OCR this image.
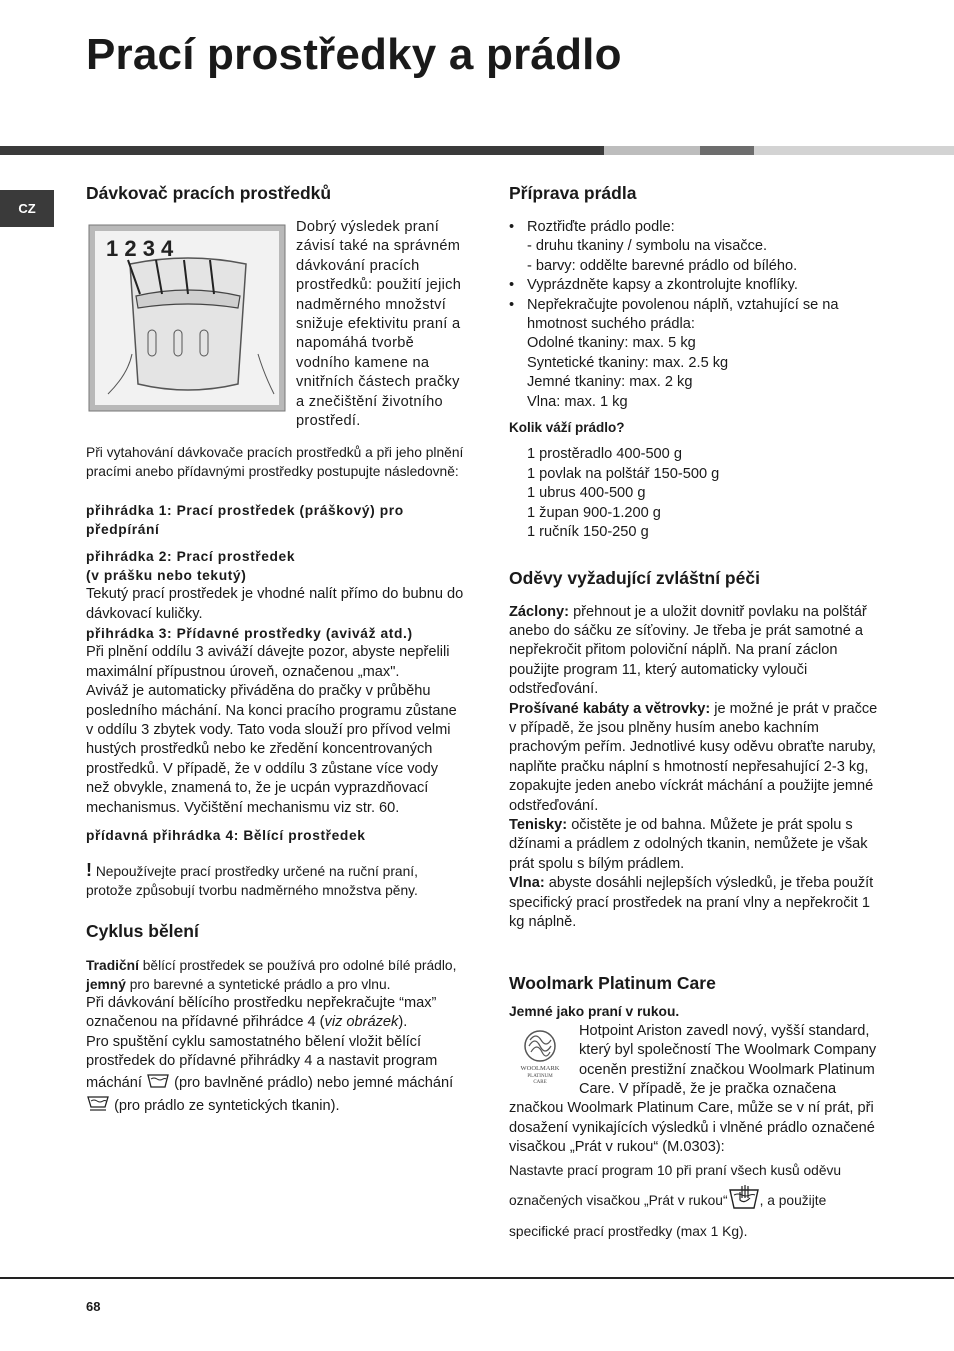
Prací prostředky a prádlo
CZ
Dávkovač pracích prostředků
1 2 3 4

Dobrý výsledek praní závisí také na správném dávkování pracích prostředků: použití jejich nadměrného množství snižuje efektivitu praní a napomáhá tvorbě vodního kamene na vnitřních částech pračky a znečištění životního prostředí.

Při vytahování dávkovače pracích prostředků a při jeho plnění pracími anebo přídavnými prostředky postupujte následovně:

přihrádka 1: Prací prostředek (práškový) pro předpírání

přihrádka 2: Prací prostředek

(v prášku nebo tekutý)

Tekutý prací prostředek je vhodné nalít přímo do bubnu do dávkovací kuličky.

přihrádka 3: Přídavné prostředky (aviváž atd.)

Při plnění oddílu 3 aviváží dávejte pozor, abyste nepřelili maximální přípustnou úroveň, označenou „max".

Aviváž je automaticky přiváděna do pračky v průběhu posledního máchání. Na konci pracího programu zůstane v oddílu 3 zbytek vody. Tato voda slouží pro přívod velmi hustých prostředků nebo ke zředění koncentrovaných prostředků. V případě, že v oddílu 3 zůstane více vody než obvykle, znamená to, že je ucpán vyprazdňovací mechanismus. Vyčištění mechanismu viz str. 60.

přídavná přihrádka 4: Bělící prostředek

! Nepoužívejte prací prostředky určené na ruční praní, protože způsobují tvorbu nadměrného množstva pěny.

Cyklus bělení

Tradiční bělící prostředek se používá pro odolné bílé prádlo, jemný pro barevné a syntetické prádlo a pro vlnu.

Při dávkování bělícího prostředku nepřekračujte “max” označenou na přídavné přihrádce 4 (viz obrázek).

Pro spuštění cyklu samostatného bělení vložit bělící prostředek do přídavné přihrádky 4 a nastavit program máchání (pro bavlněné prádlo) nebo jemné máchání  (pro prádlo ze syntetických tkanin).

Příprava prádla
• Roztřiďte prádlo podle:
- druhu tkaniny / symbolu na visačce.
- barvy: oddělte barevné prádlo od bílého.
• Vyprázdněte kapsy a zkontrolujte knoflíky.
• Nepřekračujte povolenou náplň, vztahující se na hmotnost suchého prádla:
Odolné tkaniny: max. 5 kg
Syntetické tkaniny: max. 2.5 kg
Jemné tkaniny: max. 2 kg
Vlna: max. 1 kg

Kolik váží prádlo?

1 prostěradlo 400-500 g
1 povlak na polštář 150-500 g
1 ubrus 400-500 g
1 župan 900-1.200 g
1 ručník 150-250 g
Oděvy vyžadující zvláštní péči

Záclony: přehnout je a uložit dovnitř povlaku na polštář anebo do sáčku ze síťoviny. Je třeba je prát samotné a nepřekročit přitom poloviční náplň. Na praní záclon použijte program 11, který automaticky vylouči odstřeďování.

Prošívané kabáty a větrovky: je možné je prát v pračce v případě, že jsou plněny husím anebo kachním prachovým peřím. Jednotlivé kusy oděvu obraťte naruby, naplňte pračku náplní s hmotností nepřesahující 2-3 kg, zopakujte jeden anebo víckrát máchání a použijte jemné odstřeďování.

Tenisky: očistěte je od bahna. Můžete je prát spolu s džínami a prádlem z odolných tkanin, nemůžete je však prát spolu s bílým prádlem.

Vlna: abyste dosáhli nejlepších výsledků, je třeba použít specifický prací prostředek na praní vlny a nepřekročit 1 kg náplně.

Woolmark Platinum Care

Jemné jako praní v rukou.

WOOLMARK
PLATINUM
CARE

Hotpoint Ariston zavedl nový, vyšší standard, který byl společností The Woolmark Company oceněn prestižní značkou Woolmark Platinum Care. V případě, že je pračka označena značkou Woolmark Platinum Care, může se v ní prát, při dosažení vynikajících výsledků i vlněné prádlo označené visačkou „Prát v rukou“ (M.0303):

Nastavte prací program 10 při praní všech kusů oděvu označených visačkou „Prát v rukou“ , a použijte specifické prací prostředky (max 1 Kg).

68
